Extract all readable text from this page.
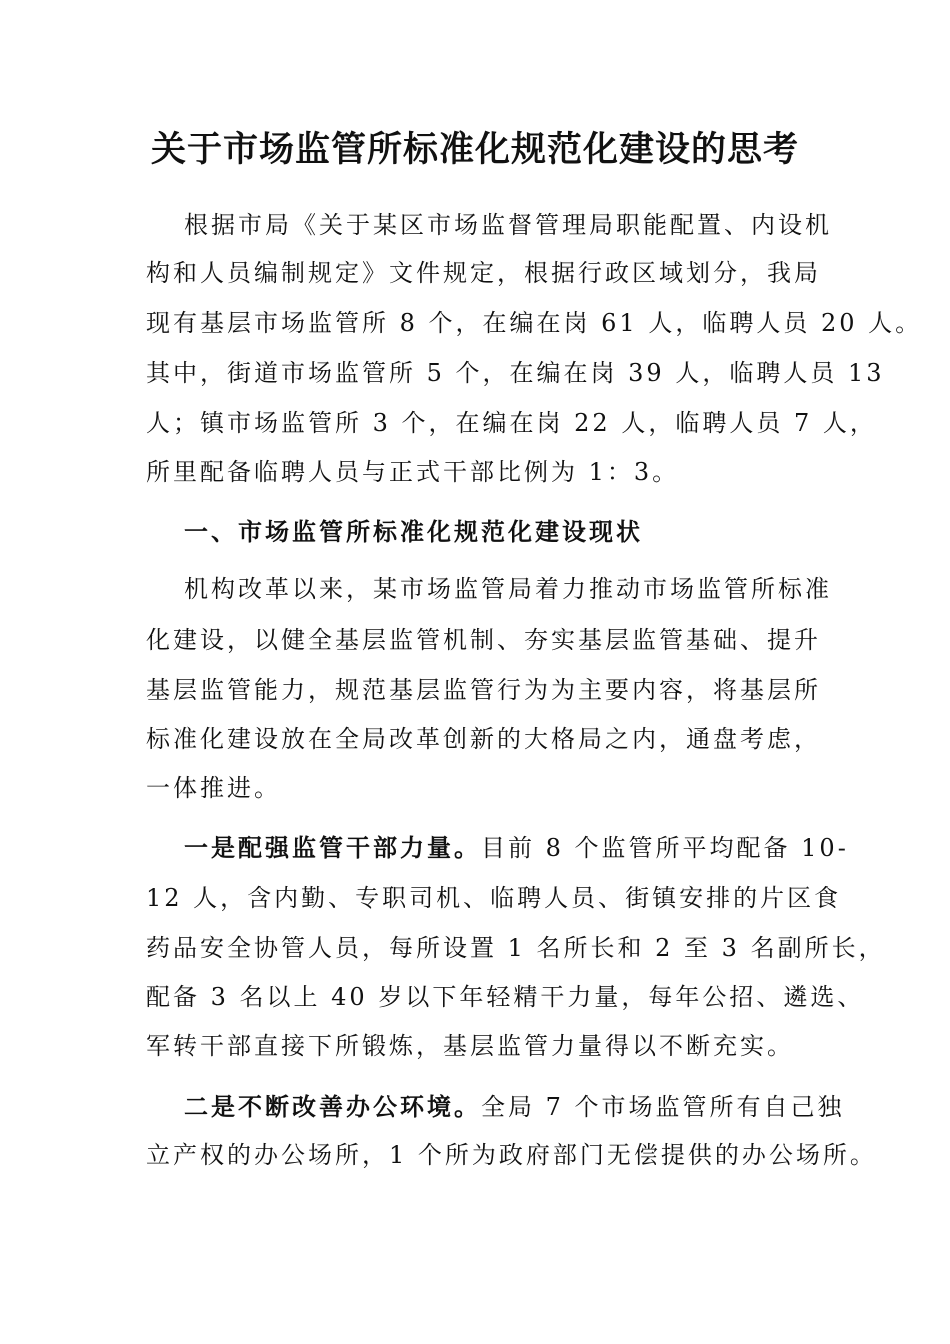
关于市场监管所标准化规范化建设的思考
根据市局《关于某区市场监督管理局职能配置、内设机
构和人员编制规定》文件规定，根据行政区域划分，我局
现有基层市场监管所 8 个，在编在岗 61 人，临聘人员 20 人。
其中，街道市场监管所 5 个，在编在岗 39 人，临聘人员 13
人；镇市场监管所 3 个，在编在岗 22 人，临聘人员 7 人，
所里配备临聘人员与正式干部比例为 1：3。
一、市场监管所标准化规范化建设现状
机构改革以来，某市场监管局着力推动市场监管所标准
化建设，以健全基层监管机制、夯实基层监管基础、提升
基层监管能力，规范基层监管行为为主要内容，将基层所
标准化建设放在全局改革创新的大格局之内，通盘考虑，
一体推进。
一是配强监管干部力量。目前 8 个监管所平均配备 10-
12 人，含内勤、专职司机、临聘人员、街镇安排的片区食
药品安全协管人员，每所设置 1 名所长和 2 至 3 名副所长，
配备 3 名以上 40 岁以下年轻精干力量，每年公招、遴选、
军转干部直接下所锻炼，基层监管力量得以不断充实。
二是不断改善办公环境。全局 7 个市场监管所有自己独
立产权的办公场所，1 个所为政府部门无偿提供的办公场所。
